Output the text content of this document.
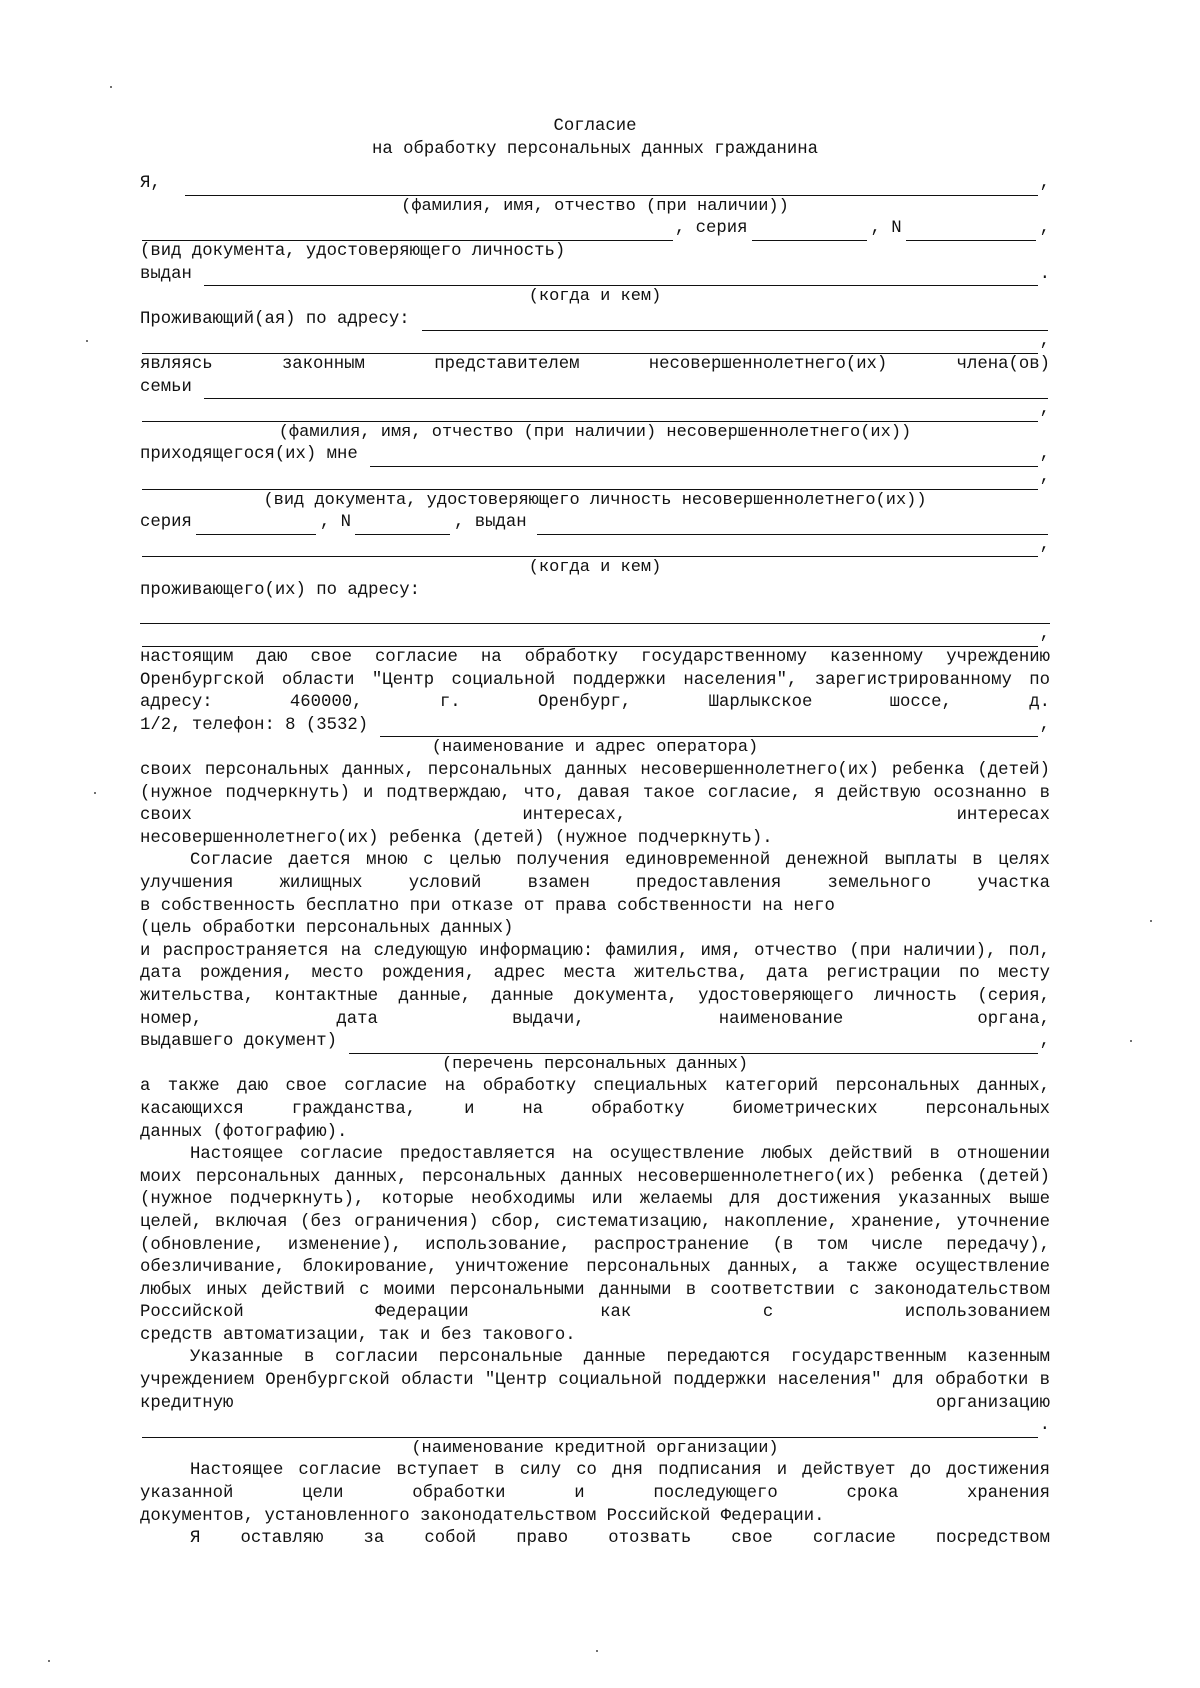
Согласие
на обработку персональных данных гражданина
Я,	,
(фамилия, имя, отчество (при наличии))
, серия	, N	,
(вид документа, удостоверяющего личность)
выдан	.
(когда и кем)
Проживающий(ая) по адресу:
,
являясь	законным	представителем	несовершеннолетнего(их)	члена(ов)
семьи
,
(фамилия, имя, отчество (при наличии) несовершеннолетнего(их))
приходящегося(их) мне	,
,
(вид документа, удостоверяющего личность несовершеннолетнего(их))
серия	, N	, выдан
,
(когда и кем)
проживающего(их) по адресу:
,
настоящим даю свое согласие на обработку государственному казенному учреждению Оренбургской области "Центр социальной поддержки населения", зарегистрированному по адресу: 460000, г. Оренбург, Шарлыкское шоссе, д.
1/2, телефон: 8 (3532)	,
(наименование и адрес оператора)
своих персональных данных, персональных данных несовершеннолетнего(их) ребенка (детей) (нужное подчеркнуть) и подтверждаю, что, давая такое согласие, я действую осознанно в своих интересах, интересах
несовершеннолетнего(их) ребенка (детей) (нужное подчеркнуть).
Согласие дается мною с целью получения единовременной денежной выплаты в целях улучшения жилищных условий взамен предоставления земельного участка
в собственность бесплатно при отказе от права собственности на него
(цель обработки персональных данных)
и распространяется на следующую информацию: фамилия, имя, отчество (при наличии), пол, дата рождения, место рождения, адрес места жительства, дата регистрации по месту жительства, контактные данные, данные документа, удостоверяющего личность (серия, номер, дата выдачи, наименование органа,
выдавшего документ)	,
(перечень персональных данных)
а также даю свое согласие на обработку специальных категорий персональных данных, касающихся гражданства, и на обработку биометрических персональных
данных (фотографию).
Настоящее согласие предоставляется на осуществление любых действий в отношении моих персональных данных, персональных данных несовершеннолетнего(их) ребенка (детей) (нужное подчеркнуть), которые необходимы или желаемы для достижения указанных выше целей, включая (без ограничения) сбор, систематизацию, накопление, хранение, уточнение (обновление, изменение), использование, распространение (в том числе передачу), обезличивание, блокирование, уничтожение персональных данных, а также осуществление любых иных действий с моими персональными данными в соответствии с законодательством Российской Федерации как с использованием
средств автоматизации, так и без такового.
Указанные в согласии персональные данные передаются государственным казенным учреждением Оренбургской области "Центр социальной поддержки населения" для обработки в кредитную организацию
.
(наименование кредитной организации)
Настоящее согласие вступает в силу со дня подписания и действует до достижения указанной цели обработки и последующего срока хранения
документов, установленного законодательством Российской Федерации.
Я оставляю за собой право отозвать свое согласие посредством
